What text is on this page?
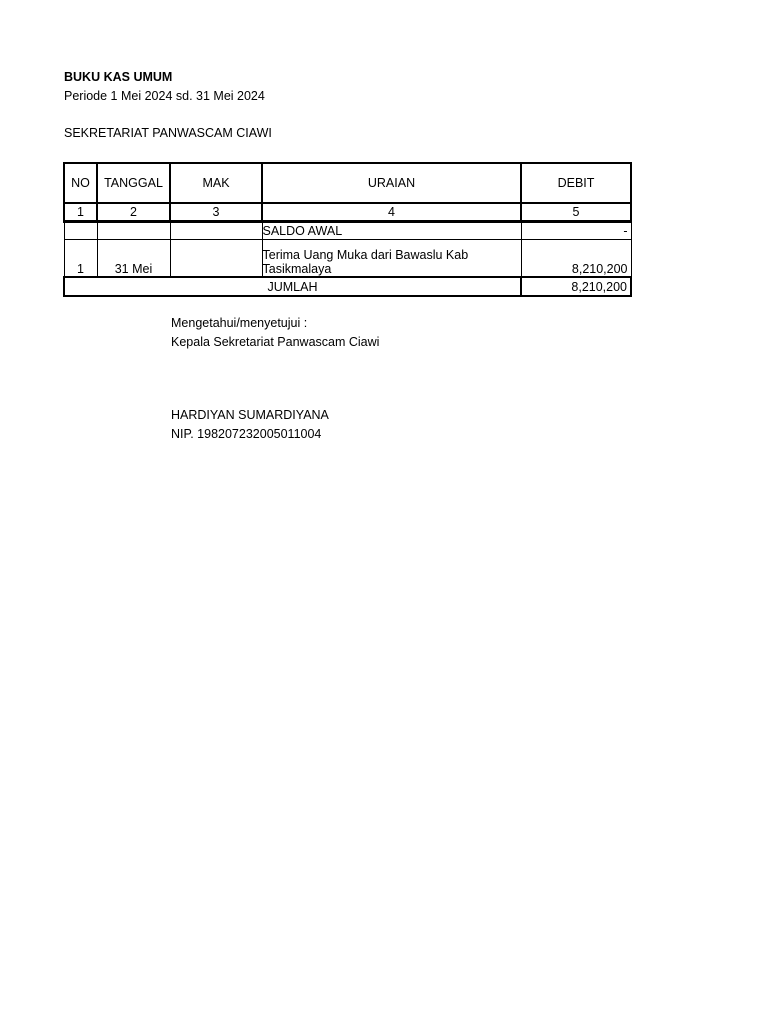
BUKU KAS UMUM
Periode 1 Mei 2024 sd. 31 Mei 2024
SEKRETARIAT PANWASCAM CIAWI
NO	TANGGAL	MAK	URAIAN	DEBIT
1	2	3	4	5
			SALDO AWAL	-
1	31 Mei		Terima Uang Muka dari Bawaslu Kab Tasikmalaya	8,210,200
JUMLAH				8,210,200
Mengetahui/menyetujui :
Kepala Sekretariat Panwascam Ciawi
HARDIYAN SUMARDIYANA
NIP. 198207232005011004
